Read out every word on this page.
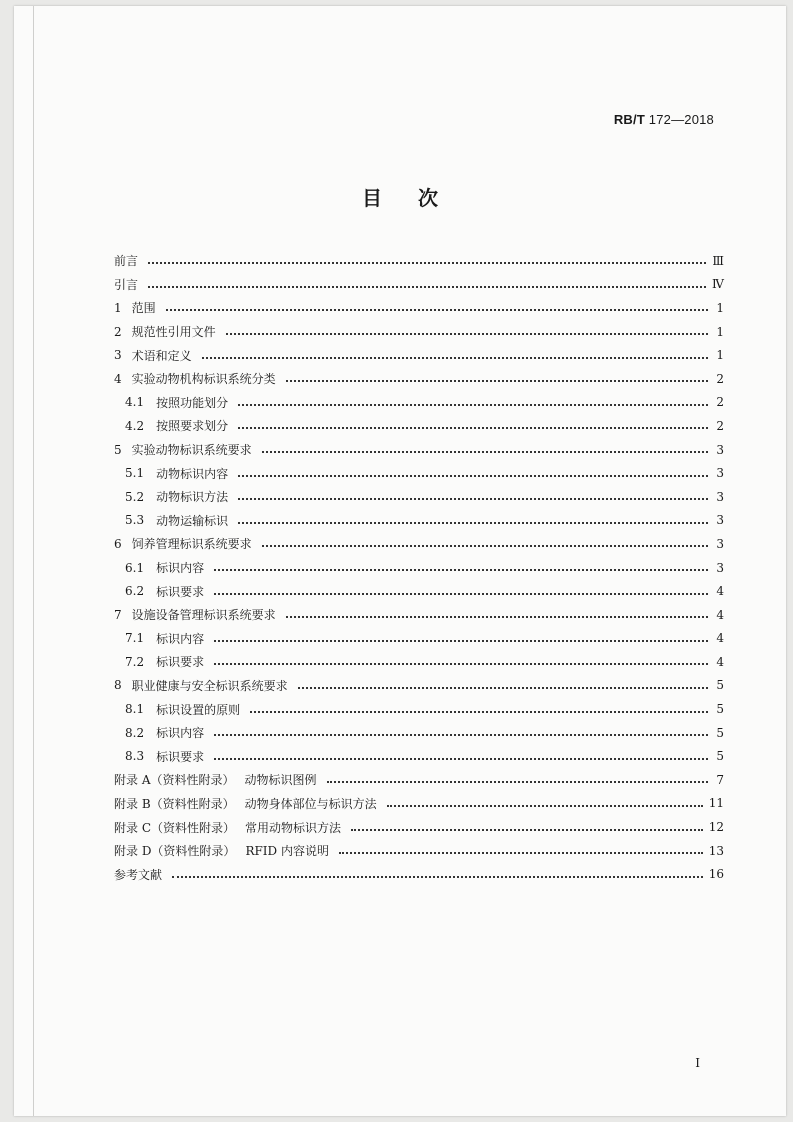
RB/T 172—2018
目次
前言	Ⅲ
引言	Ⅳ
1 范围	1
2 规范性引用文件	1
3 术语和定义	1
4 实验动物机构标识系统分类	2
4.1 按照功能划分	2
4.2 按照要求划分	2
5 实验动物标识系统要求	3
5.1 动物标识内容	3
5.2 动物标识方法	3
5.3 动物运输标识	3
6 饲养管理标识系统要求	3
6.1 标识内容	3
6.2 标识要求	4
7 设施设备管理标识系统要求	4
7.1 标识内容	4
7.2 标识要求	4
8 职业健康与安全标识系统要求	5
8.1 标识设置的原则	5
8.2 标识内容	5
8.3 标识要求	5
附录 A（资料性附录） 动物标识图例	7
附录 B（资料性附录） 动物身体部位与标识方法	11
附录 C（资料性附录） 常用动物标识方法	12
附录 D（资料性附录） RFID 内容说明	13
参考文献	16
I
